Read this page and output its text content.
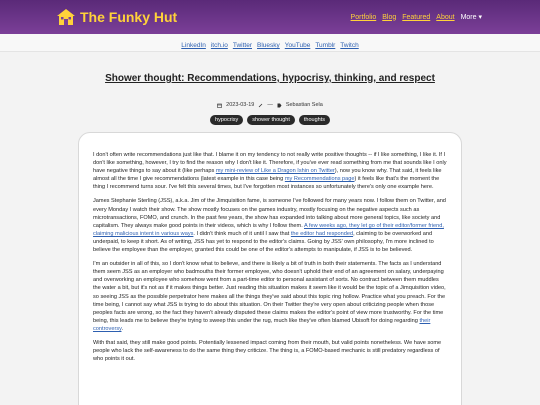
The Funky Hut	Portfolio Blog Featured About More ▾
LinkedIn itch.io Twitter Bluesky YouTube Tumblr Twitch
Shower thought: Recommendations, hypocrisy, thinking, and respect
2023-03-19 — Sebastian Sela
hypocrisy	shower thought	thoughts

I don't often write recommendations just like that. I blame it on my tendency to not really write positive thoughts -- if I like something, I like it. If I don't like something, however, I try to find the reason why I don't like it. Therefore, if you've ever read something from me that sounds like I only have negative things to say about it (like perhaps my mini-review of Like a Dragon Ishin on Twitter), now you know why. That said, it feels like almost all the time I give recommendations (latest example in this case being my Recommendations page) it feels like that's the moment the thing I recommend turns sour. I've felt this several times, but I've forgotten most instances so unfortunately there's only one example here.

James Stephanie Sterling (JSS), a.k.a. Jim of the Jimquisition fame, is someone I've followed for many years now. I follow them on Twitter, and every Monday I watch their show. The show mostly focuses on the games industry, mostly focusing on the negative aspects such as microtransactions, FOMO, and crunch. In the past few years, the show has expanded into talking about more general topics, like society and capitalism. They always make good points in their videos, which is why I follow them. A few weeks ago, they let go of their editor/former friend, claiming malicious intent in various ways. I didn't think much of it until I saw that the editor had responded, claiming to be overworked and underpaid, to keep it short. As of writing, JSS has yet to respond to the editor's claims. Going by JSS' own philosophy, I'm more inclined to believe the employee than the employer, granted this could be one of the editor's attempts to manipulate, if JSS is to be believed.

I'm an outsider in all of this, so I don't know what to believe, and there is likely a bit of truth in both their statements. The facts as I understand them seem JSS as an employer who badmouths their former employee, who doesn't uphold their end of an agreement on salary, underpaying and overworking an employee who somehow went from a part-time editor to personal assistant of sorts. No contract between them muddles the water a bit, but it's not as if it makes things better. Just reading this situation makes it seem like it would be the topic of a Jimquisition video, so seeing JSS as the possible perpetrator here makes all the things they've said about this topic ring hollow. Practice what you preach. For the time being, I cannot say what JSS is trying to do about this situation. On their Twitter they're very open about criticizing people when those peoples facts are wrong, so the fact they haven't already disputed these claims makes the editor's point of view more trustworthy. For the time being, this leads me to believe they're trying to sweep this under the rug, much like they've often blamed Ubisoft for doing regarding their controversy.

With that said, they still make good points. Potentially lessened impact coming from their mouth, but valid points nonetheless. We have some people who lack the self-awareness to do the same thing they criticize. The thing is, a FOMO-based mechanic is still predatory regardless of who points it out.
